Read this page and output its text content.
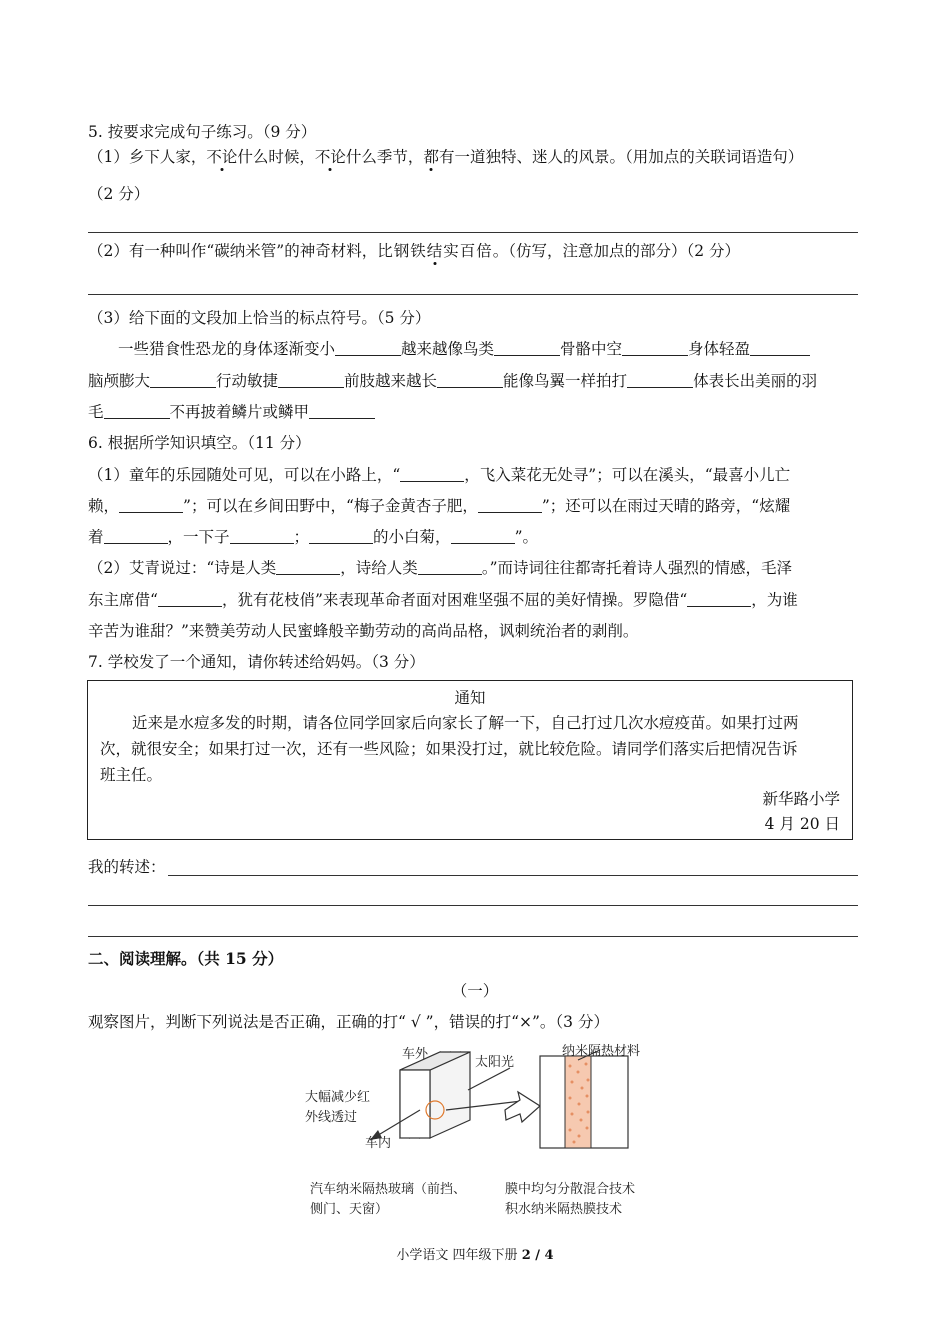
5. 按要求完成句子练习。（9 分）
（1）乡下人家，不论什么时候，不论什么季节，都有一道独特、迷人的风景。（用加点的关联词语造句）
（2 分）
（2）有一种叫作“碳纳米管”的神奇材料，比钢铁结实百倍。（仿写，注意加点的部分）（2 分）
（3）给下面的文段加上恰当的标点符号。（5 分）
一些猎食性恐龙的身体逐渐变小	越来越像鸟类	骨骼中空	身体轻盈
脑颅膨大	行动敏捷	前肢越来越长	能像鸟翼一样拍打	体表长出美丽的羽
毛	不再披着鳞片或鳞甲
6. 根据所学知识填空。（11 分）
（1）童年的乐园随处可见，可以在小路上，“	，飞入菜花无处寻”；可以在溪头，“最喜小儿亡
赖，	”；可以在乡间田野中，“梅子金黄杏子肥，	”；还可以在雨过天晴的路旁，“炫耀
着	，一下子	；	的小白菊，	”。
（2）艾青说过：“诗是人类	，诗给人类	。”而诗词往往都寄托着诗人强烈的情感，毛泽
东主席借“	，犹有花枝俏”来表现革命者面对困难坚强不屈的美好情操。罗隐借“	，为谁
辛苦为谁甜？”来赞美劳动人民蜜蜂般辛勤劳动的高尚品格，讽刺统治者的剥削。
7. 学校发了一个通知，请你转述给妈妈。（3 分）
通知
近来是水痘多发的时期，请各位同学回家后向家长了解一下，自己打过几次水痘疫苗。如果打过两
次，就很安全；如果打过一次，还有一些风险；如果没打过，就比较危险。请同学们落实后把情况告诉
班主任。
新华路小学
4 月 20 日
我的转述：
二、阅读理解。（共 15 分）
（一）
观察图片，判断下列说法是否正确，正确的打“ √ ”，错误的打“×”。（3 分）
车外
太阳光
大幅减少红
外线透过
车内
纳米隔热材料
汽车纳米隔热玻璃（前挡、
侧门、天窗）
膜中均匀分散混合技术
积水纳米隔热膜技术
小学语文 四年级下册 2 / 4
